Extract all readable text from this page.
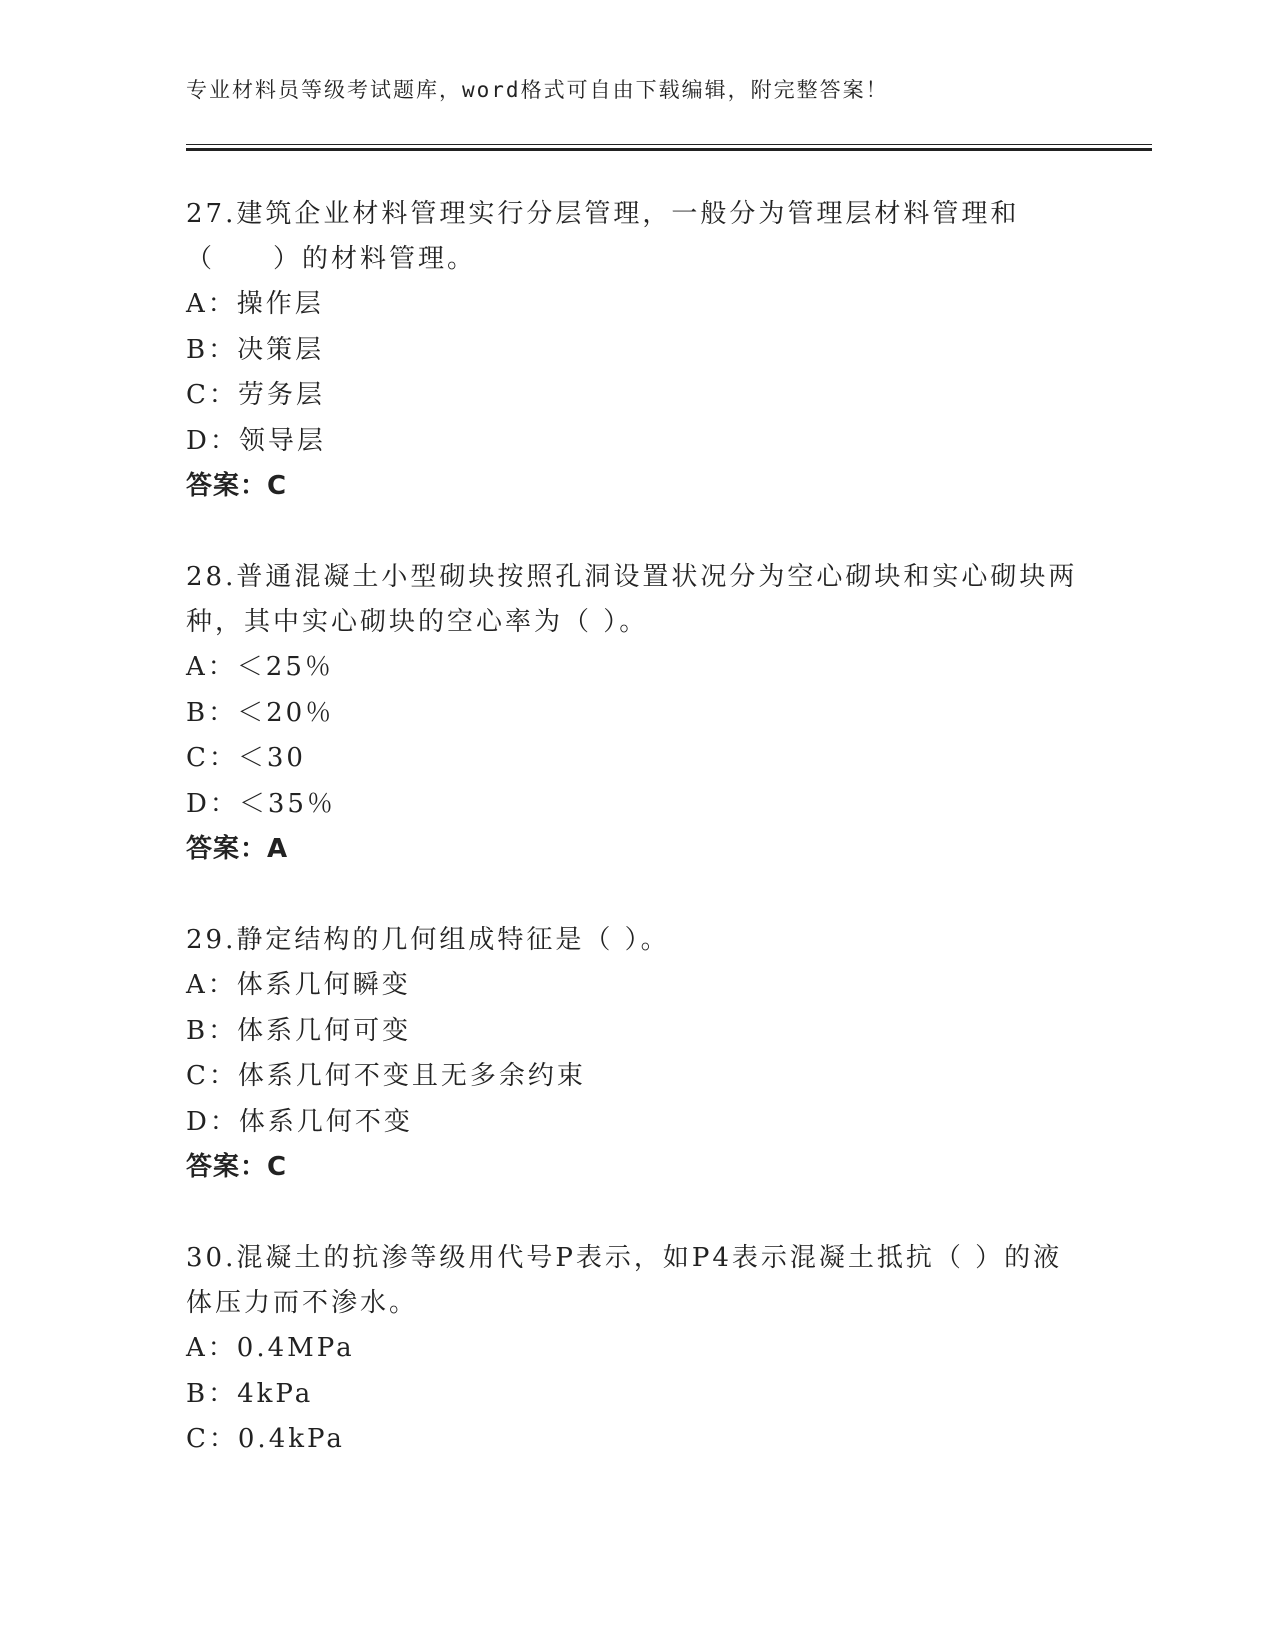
专业材料员等级考试题库，word格式可自由下载编辑，附完整答案！

27.建筑企业材料管理实行分层管理，一般分为管理层材料管理和（　　）的材料管理。

A：操作层

B：决策层

C：劳务层

D：领导层

答案：C

28.普通混凝土小型砌块按照孔洞设置状况分为空心砌块和实心砌块两种，其中实心砌块的空心率为（ ）。

A：＜25％

B：＜20％

C：＜30

D：＜35％

答案：A

29.静定结构的几何组成特征是（ ）。

A：体系几何瞬变

B：体系几何可变

C：体系几何不变且无多余约束

D：体系几何不变

答案：C

30.混凝土的抗渗等级用代号P表示，如P4表示混凝土抵抗（ ）的液体压力而不渗水。

A：0.4MPa

B：4kPa

C：0.4kPa
